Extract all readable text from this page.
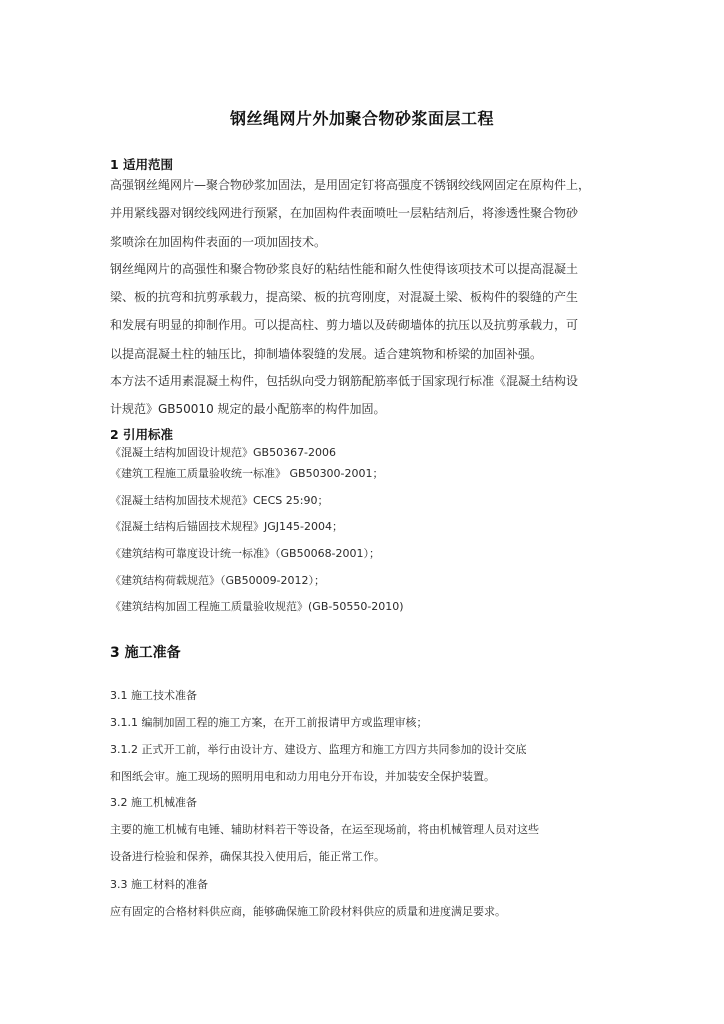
钢丝绳网片外加聚合物砂浆面层工程
1 适用范围
高强钢丝绳网片—聚合物砂浆加固法，是用固定钉将高强度不锈钢绞线网固定在原构件上，
并用紧线器对钢绞线网进行预紧，在加固构件表面喷吐一层粘结剂后，将渗透性聚合物砂
浆喷涂在加固构件表面的一项加固技术。
钢丝绳网片的高强性和聚合物砂浆良好的粘结性能和耐久性使得该项技术可以提高混凝土
梁、板的抗弯和抗剪承载力，提高梁、板的抗弯刚度，对混凝土梁、板构件的裂缝的产生
和发展有明显的抑制作用。可以提高柱、剪力墙以及砖砌墙体的抗压以及抗剪承载力，可
以提高混凝土柱的轴压比，抑制墙体裂缝的发展。适合建筑物和桥梁的加固补强。
本方法不适用素混凝土构件，包括纵向受力钢筋配筋率低于国家现行标准《混凝土结构设
计规范》GB50010 规定的最小配筋率的构件加固。
2 引用标准
《混凝土结构加固设计规范》GB50367-2006
《建筑工程施工质量验收统一标准》 GB50300-2001；
《混凝土结构加固技术规范》CECS 25:90；
《混凝土结构后锚固技术规程》JGJ145-2004；
《建筑结构可靠度设计统一标准》（GB50068-2001）；
《建筑结构荷载规范》（GB50009-2012）；
《建筑结构加固工程施工质量验收规范》(GB-50550-2010)
3 施工准备
3.1 施工技术准备
3.1.1 编制加固工程的施工方案，在开工前报请甲方或监理审核；
3.1.2 正式开工前，举行由设计方、建设方、监理方和施工方四方共同参加的设计交底
和图纸会审。施工现场的照明用电和动力用电分开布设，并加装安全保护装置。
3.2 施工机械准备
主要的施工机械有电锤、辅助材料若干等设备，在运至现场前，将由机械管理人员对这些
设备进行检验和保养，确保其投入使用后，能正常工作。
3.3 施工材料的准备
应有固定的合格材料供应商，能够确保施工阶段材料供应的质量和进度满足要求。
